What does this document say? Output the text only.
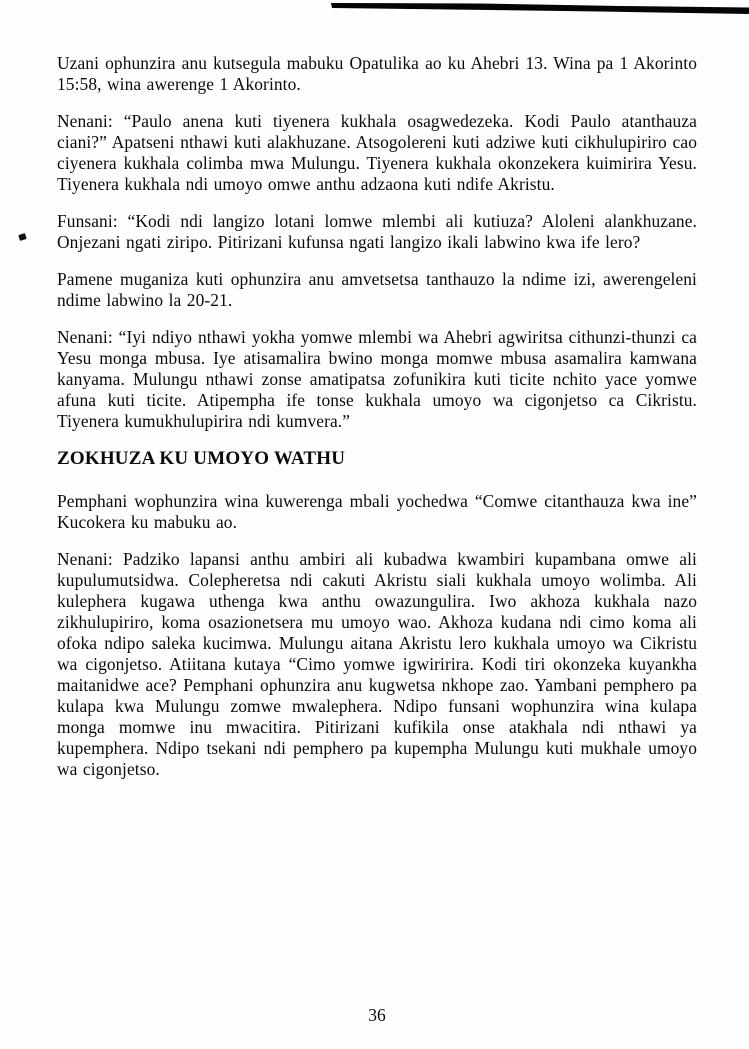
Uzani ophunzira anu kutsegula mabuku Opatulika ao ku Ahebri 13. Wina pa 1 Akorinto 15:58, wina awerenge 1 Akorinto.

Nenani: “Paulo anena kuti tiyenera kukhala osagwedezeka. Kodi Paulo atanthauza ciani?” Apatseni nthawi kuti alakhuzane. Atsogolereni kuti adziwe kuti cikhulupiriro cao ciyenera kukhala colimba mwa Mulungu. Tiyenera kukhala okonzekera kuimirira Yesu. Tiyenera kukhala ndi umoyo omwe anthu adzaona kuti ndife Akristu.

Funsani: “Kodi ndi langizo lotani lomwe mlembi ali kutiuza? Aloleni alankhuzane. Onjezani ngati ziripo. Pitirizani kufunsa ngati langizo ikali labwino kwa ife lero?

Pamene muganiza kuti ophunzira anu amvetsetsa tanthauzo la ndime izi, awerengeleni ndime labwino la 20-21.

Nenani: “Iyi ndiyo nthawi yokha yomwe mlembi wa Ahebri agwiritsa cithunzi-thunzi ca Yesu monga mbusa. Iye atisamalira bwino monga momwe mbusa asamalira kamwana kanyama. Mulungu nthawi zonse amatipatsa zofunikira kuti ticite nchito yace yomwe afuna kuti ticite. Atipempha ife tonse kukhala umoyo wa cigonjetso ca Cikristu. Tiyenera kumukhulupirira ndi kumvera.”

ZOKHUZA KU UMOYO WATHU

Pemphani wophunzira wina kuwerenga mbali yochedwa “Comwe citanthauza kwa ine” Kucokera ku mabuku ao.

Nenani: Padziko lapansi anthu ambiri ali kubadwa kwambiri kupambana omwe ali kupulumutsidwa. Colepheretsa ndi cakuti Akristu siali kukhala umoyo wolimba. Ali kulephera kugawa uthenga kwa anthu owazungulira. Iwo akhoza kukhala nazo zikhulupiriro, koma osazionetsera mu umoyo wao. Akhoza kudana ndi cimo koma ali ofoka ndipo saleka kucimwa. Mulungu aitana Akristu lero kukhala umoyo wa Cikristu wa cigonjetso. Atiitana kutaya “Cimo yomwe igwiririra. Kodi tiri okonzeka kuyankha maitanidwe ace? Pemphani ophunzira anu kugwetsa nkhope zao. Yambani pemphero pa kulapa kwa Mulungu zomwe mwalephera. Ndipo funsani wophunzira wina kulapa monga momwe inu mwacitira. Pitirizani kufikila onse atakhala ndi nthawi ya kupemphera. Ndipo tsekani ndi pemphero pa kupempha Mulungu kuti mukhale umoyo wa cigonjetso.

36
